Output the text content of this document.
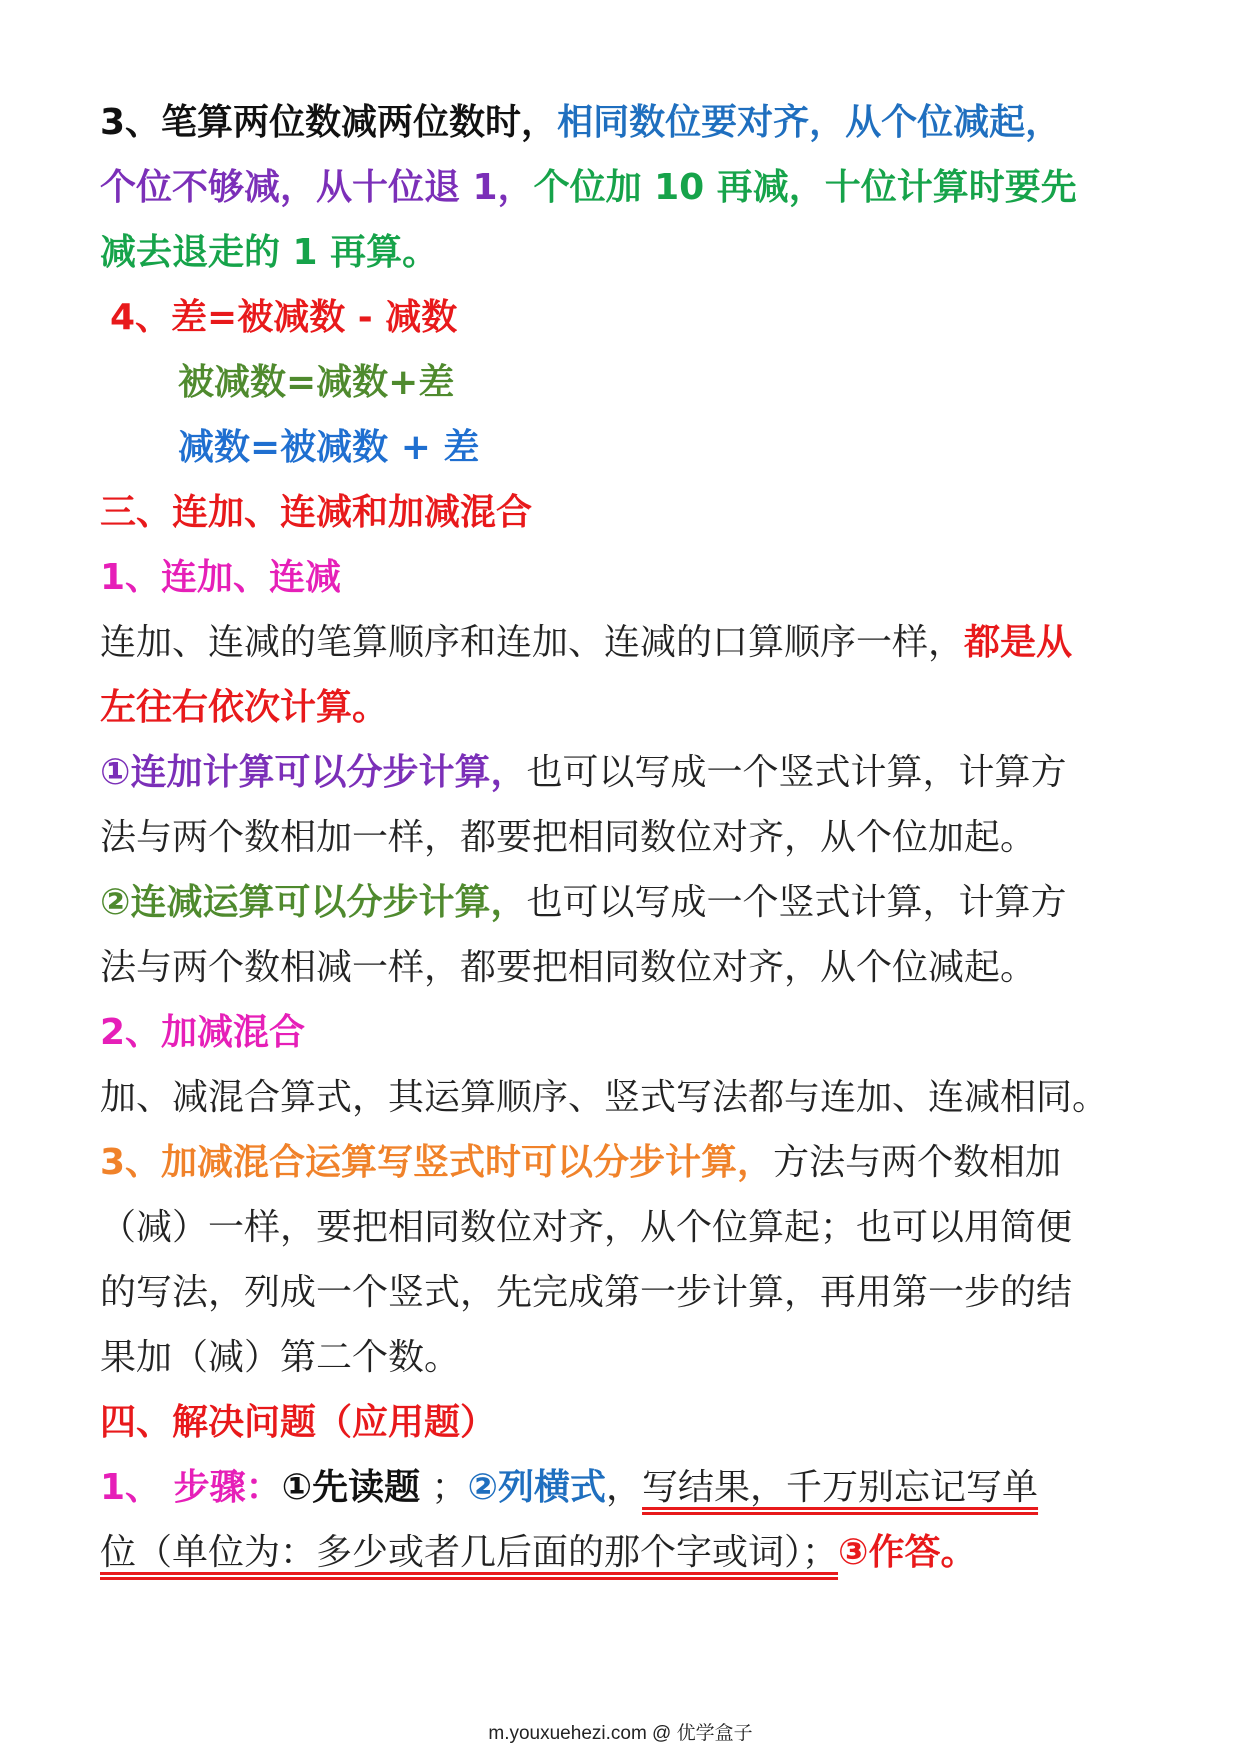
3、笔算两位数减两位数时，相同数位要对齐，从个位减起，
个位不够减，从十位退 1，个位加 10 再减，十位计算时要先
减去退走的 1 再算。
4、差=被减数 - 减数
被减数=减数+差
减数=被减数 + 差
三、连加、连减和加减混合
1、连加、连减
连加、连减的笔算顺序和连加、连减的口算顺序一样，都是从
左往右依次计算。
①连加计算可以分步计算，也可以写成一个竖式计算，计算方
法与两个数相加一样，都要把相同数位对齐，从个位加起。
②连减运算可以分步计算，也可以写成一个竖式计算，计算方
法与两个数相减一样，都要把相同数位对齐，从个位减起。
2、加减混合
加、减混合算式，其运算顺序、竖式写法都与连加、连减相同。
3、加减混合运算写竖式时可以分步计算，方法与两个数相加
（减）一样，要把相同数位对齐，从个位算起；也可以用简便
的写法，列成一个竖式，先完成第一步计算，再用第一步的结
果加（减）第二个数。
四、解决问题（应用题）
1、 步骤：①先读题 ；②列横式，写结果，千万别忘记写单
位（单位为：多少或者几后面的那个字或词）；③作答。
m.youxuehezi.com @ 优学盒子
